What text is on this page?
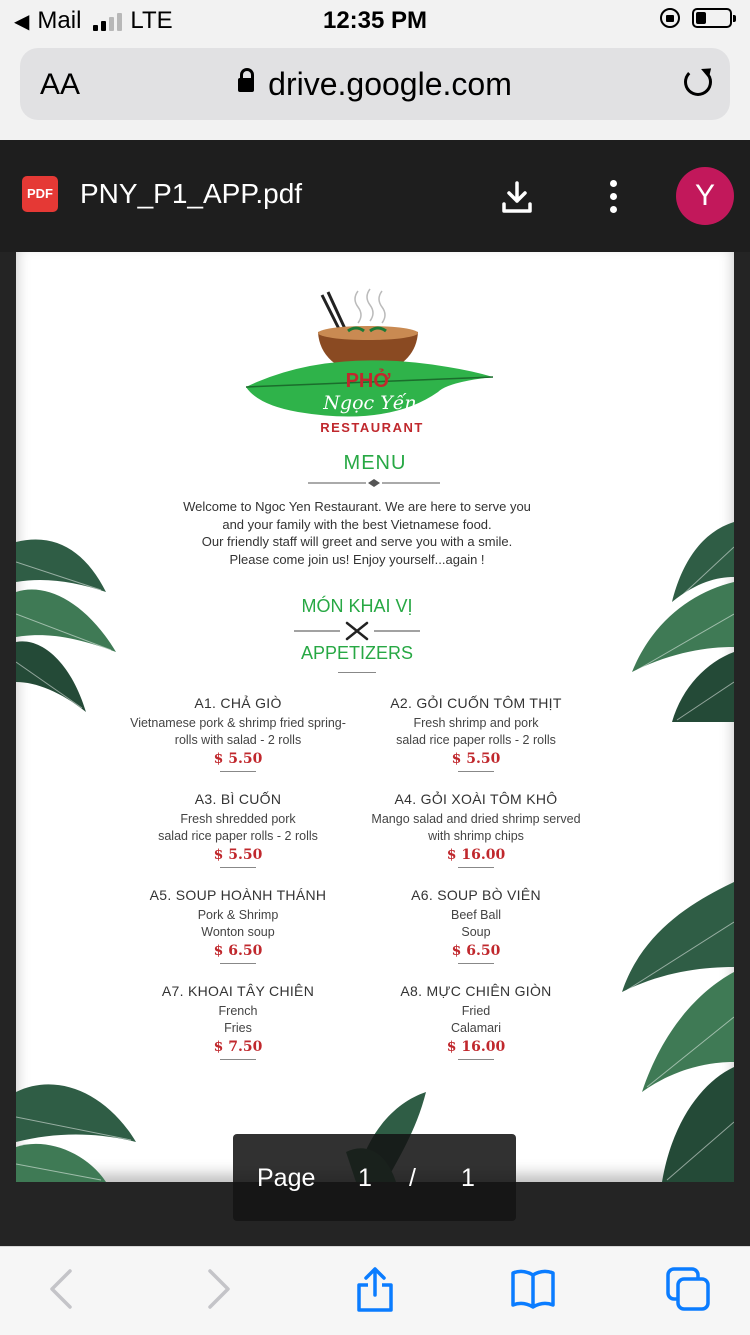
◀ Mail LTE	12:35 PM
AA	drive.google.com
PDF PNY_P1_APP.pdf	Y
PHỞ
Ngọc Yến
RESTAURANT
MENU
Welcome to Ngoc Yen Restaurant. We are here to serve you
and your family with the best Vietnamese food.
Our friendly staff will greet and serve you with a smile.
Please come join us! Enjoy yourself...again !
MÓN KHAI VỊ
APPETIZERS
A1. CHẢ GIÒ
Vietnamese pork & shrimp fried spring-
rolls with salad - 2 rolls
$ 5.50
A2. GỎI CUỐN TÔM THỊT
Fresh shrimp and pork
salad rice paper rolls - 2 rolls
$ 5.50
A3. BÌ CUỐN
Fresh shredded pork
salad rice paper rolls - 2 rolls
$ 5.50
A4. GỎI XOÀI TÔM KHÔ
Mango salad and dried shrimp served
with shrimp chips
$ 16.00
A5. SOUP HOÀNH THÁNH
Pork & Shrimp
Wonton soup
$ 6.50
A6. SOUP BÒ VIÊN
Beef Ball
Soup
$ 6.50
A7. KHOAI TÂY CHIÊN
French
Fries
$ 7.50
A8. MỰC CHIÊN GIÒN
Fried
Calamari
$ 16.00
Page 1 / 1
